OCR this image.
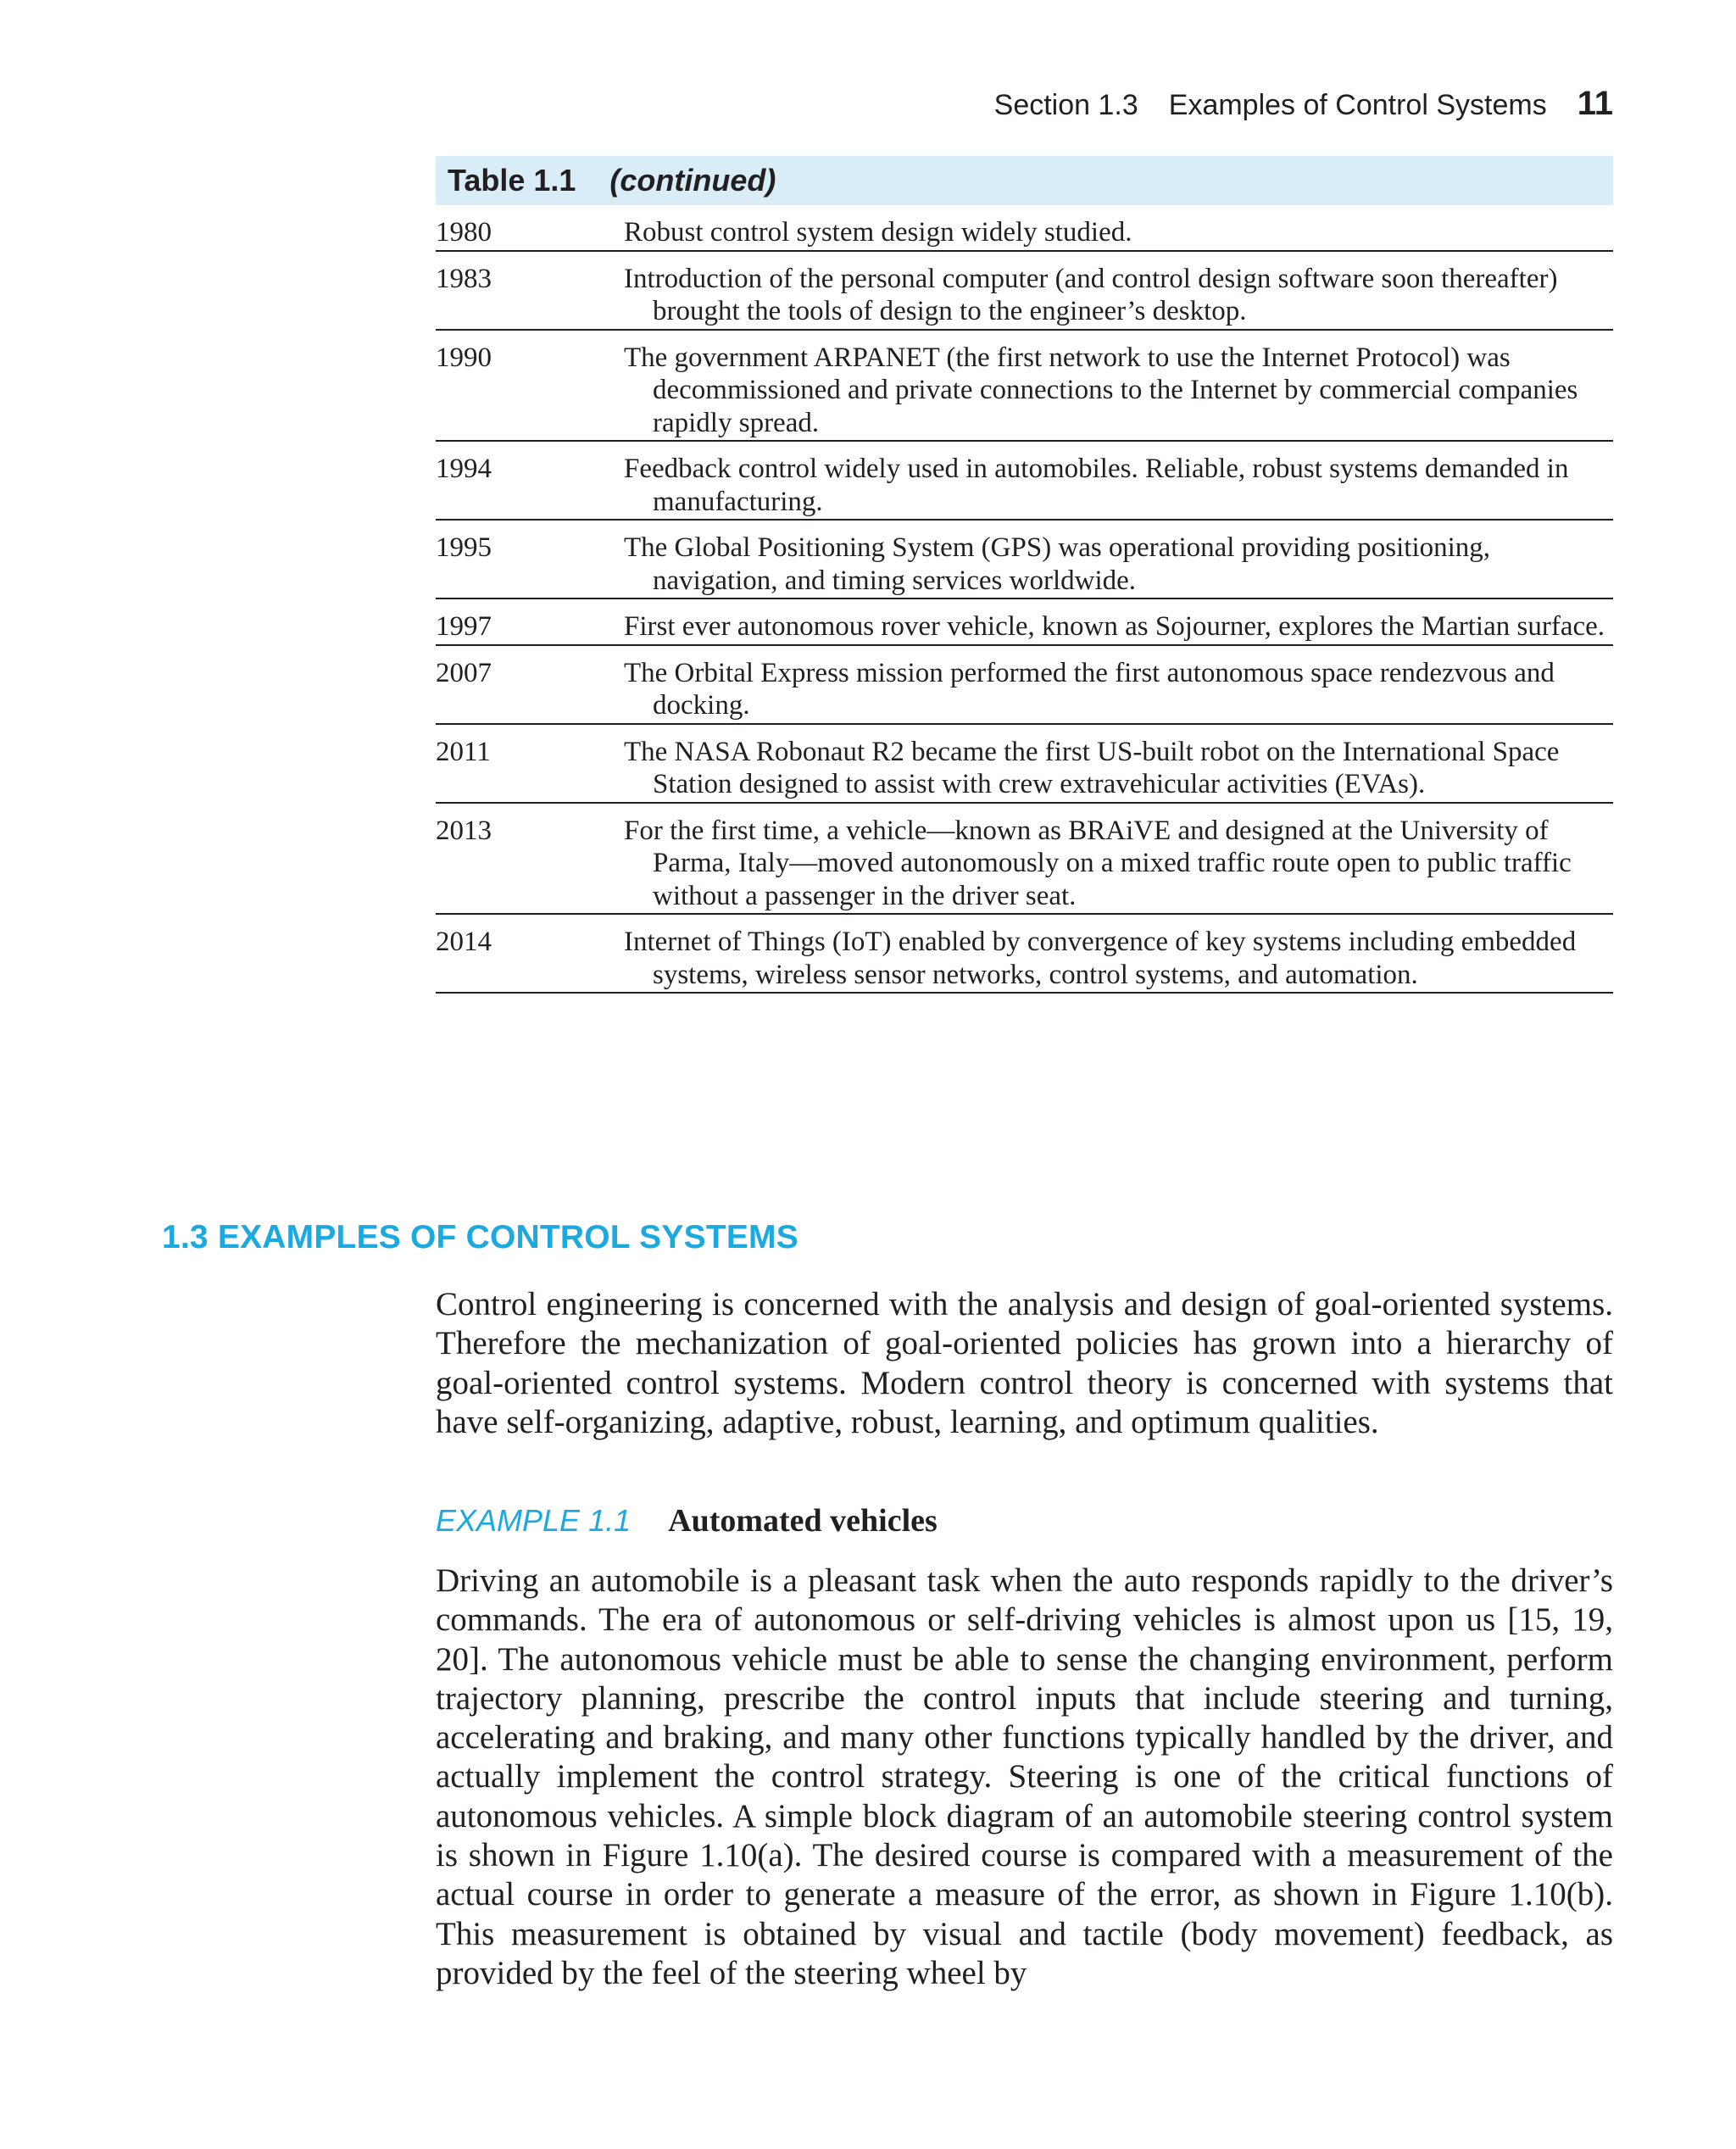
Section 1.3 Examples of Control Systems 11
Table 1.1 (continued)
1980	Robust control system design widely studied.
1983	Introduction of the personal computer (and control design software soon thereafter) brought the tools of design to the engineer’s desktop.
1990	The government ARPANET (the first network to use the Internet Protocol) was decommissioned and private connections to the Internet by commercial companies rapidly spread.
1994	Feedback control widely used in automobiles. Reliable, robust systems demanded in manufacturing.
1995	The Global Positioning System (GPS) was operational providing positioning, navigation, and timing services worldwide.
1997	First ever autonomous rover vehicle, known as Sojourner, explores the Martian surface.
2007	The Orbital Express mission performed the first autonomous space rendezvous and docking.
2011	The NASA Robonaut R2 became the first US-built robot on the International Space Station designed to assist with crew extravehicular activities (EVAs).
2013	For the first time, a vehicle—known as BRAiVE and designed at the University of Parma, Italy—moved autonomously on a mixed traffic route open to public traffic without a passenger in the driver seat.
2014	Internet of Things (IoT) enabled by convergence of key systems including embedded systems, wireless sensor networks, control systems, and automation.
1.3 EXAMPLES OF CONTROL SYSTEMS

Control engineering is concerned with the analysis and design of goal-oriented systems. Therefore the mechanization of goal-oriented policies has grown into a hierarchy of goal-oriented control systems. Modern control theory is concerned with systems that have self-organizing, adaptive, robust, learning, and optimum qualities.

EXAMPLE 1.1 Automated vehicles

Driving an automobile is a pleasant task when the auto responds rapidly to the driver’s commands. The era of autonomous or self-driving vehicles is almost upon us [15, 19, 20]. The autonomous vehicle must be able to sense the changing environment, perform trajectory planning, prescribe the control inputs that include steering and turning, accelerating and braking, and many other functions typically handled by the driver, and actually implement the control strategy. Steering is one of the critical functions of autonomous vehicles. A simple block diagram of an automobile steering control system is shown in Figure 1.10(a). The desired course is compared with a measurement of the actual course in order to generate a measure of the error, as shown in Figure 1.10(b). This measurement is obtained by visual and tactile (body movement) feedback, as provided by the feel of the steering wheel by
